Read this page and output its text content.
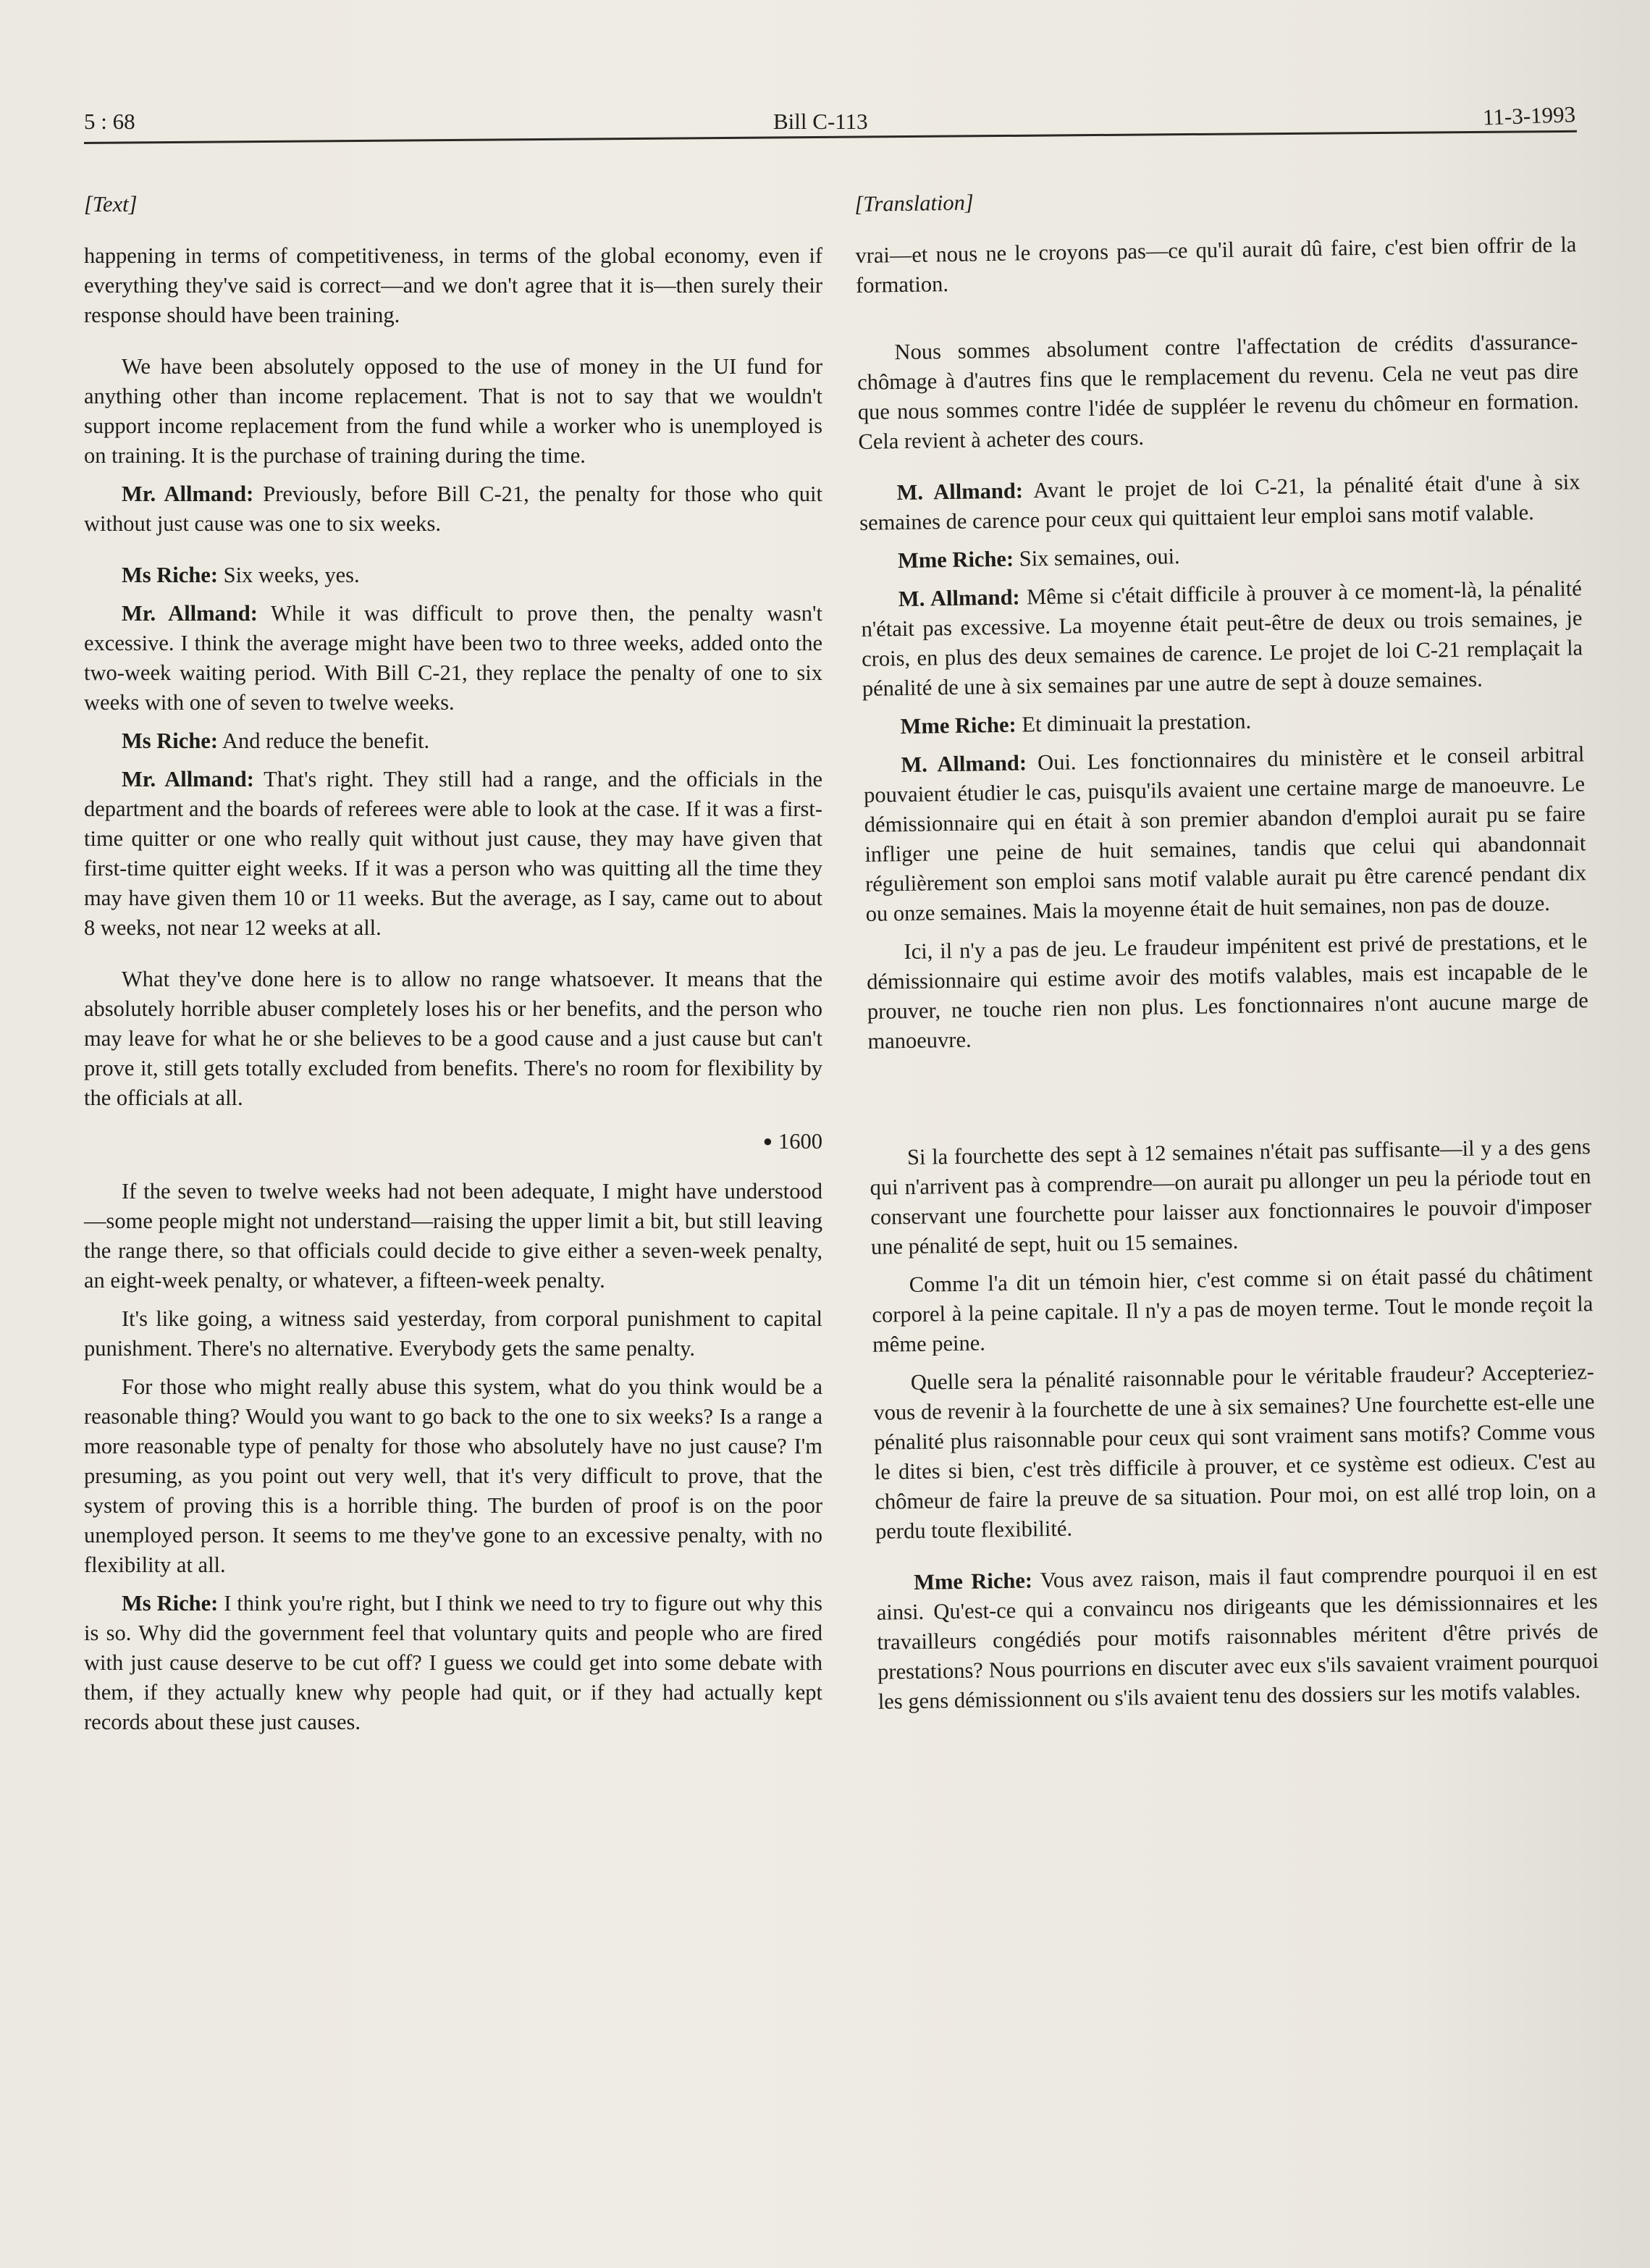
5 : 68	Bill C-113	11-3-1993
[Text]

happening in terms of competitiveness, in terms of the global economy, even if everything they've said is correct—and we don't agree that it is—then surely their response should have been training.

We have been absolutely opposed to the use of money in the UI fund for anything other than income replacement. That is not to say that we wouldn't support income replacement from the fund while a worker who is unemployed is on training. It is the purchase of training during the time.

Mr. Allmand: Previously, before Bill C-21, the penalty for those who quit without just cause was one to six weeks.

Ms Riche: Six weeks, yes.

Mr. Allmand: While it was difficult to prove then, the penalty wasn't excessive. I think the average might have been two to three weeks, added onto the two-week waiting period. With Bill C-21, they replace the penalty of one to six weeks with one of seven to twelve weeks.

Ms Riche: And reduce the benefit.

Mr. Allmand: That's right. They still had a range, and the officials in the department and the boards of referees were able to look at the case. If it was a first-time quitter or one who really quit without just cause, they may have given that first-time quitter eight weeks. If it was a person who was quitting all the time they may have given them 10 or 11 weeks. But the average, as I say, came out to about 8 weeks, not near 12 weeks at all.

What they've done here is to allow no range whatsoever. It means that the absolutely horrible abuser completely loses his or her benefits, and the person who may leave for what he or she believes to be a good cause and a just cause but can't prove it, still gets totally excluded from benefits. There's no room for flexibility by the officials at all.

● 1600

If the seven to twelve weeks had not been adequate, I might have understood—some people might not understand—raising the upper limit a bit, but still leaving the range there, so that officials could decide to give either a seven-week penalty, an eight-week penalty, or whatever, a fifteen-week penalty.

It's like going, a witness said yesterday, from corporal punishment to capital punishment. There's no alternative. Everybody gets the same penalty.

For those who might really abuse this system, what do you think would be a reasonable thing? Would you want to go back to the one to six weeks? Is a range a more reasonable type of penalty for those who absolutely have no just cause? I'm presuming, as you point out very well, that it's very difficult to prove, that the system of proving this is a horrible thing. The burden of proof is on the poor unemployed person. It seems to me they've gone to an excessive penalty, with no flexibility at all.

Ms Riche: I think you're right, but I think we need to try to figure out why this is so. Why did the government feel that voluntary quits and people who are fired with just cause deserve to be cut off? I guess we could get into some debate with them, if they actually knew why people had quit, or if they had actually kept records about these just causes.

[Translation]

vrai—et nous ne le croyons pas—ce qu'il aurait dû faire, c'est bien offrir de la formation.

Nous sommes absolument contre l'affectation de crédits d'assurance-chômage à d'autres fins que le remplacement du revenu. Cela ne veut pas dire que nous sommes contre l'idée de suppléer le revenu du chômeur en formation. Cela revient à acheter des cours.

M. Allmand: Avant le projet de loi C-21, la pénalité était d'une à six semaines de carence pour ceux qui quittaient leur emploi sans motif valable.

Mme Riche: Six semaines, oui.

M. Allmand: Même si c'était difficile à prouver à ce moment-là, la pénalité n'était pas excessive. La moyenne était peut-être de deux ou trois semaines, je crois, en plus des deux semaines de carence. Le projet de loi C-21 remplaçait la pénalité de une à six semaines par une autre de sept à douze semaines.

Mme Riche: Et diminuait la prestation.

M. Allmand: Oui. Les fonctionnaires du ministère et le conseil arbitral pouvaient étudier le cas, puisqu'ils avaient une certaine marge de manoeuvre. Le démissionnaire qui en était à son premier abandon d'emploi aurait pu se faire infliger une peine de huit semaines, tandis que celui qui abandonnait régulièrement son emploi sans motif valable aurait pu être carencé pendant dix ou onze semaines. Mais la moyenne était de huit semaines, non pas de douze.

Ici, il n'y a pas de jeu. Le fraudeur impénitent est privé de prestations, et le démissionnaire qui estime avoir des motifs valables, mais est incapable de le prouver, ne touche rien non plus. Les fonctionnaires n'ont aucune marge de manoeuvre.

Si la fourchette des sept à 12 semaines n'était pas suffisante—il y a des gens qui n'arrivent pas à comprendre—on aurait pu allonger un peu la période tout en conservant une fourchette pour laisser aux fonctionnaires le pouvoir d'imposer une pénalité de sept, huit ou 15 semaines.

Comme l'a dit un témoin hier, c'est comme si on était passé du châtiment corporel à la peine capitale. Il n'y a pas de moyen terme. Tout le monde reçoit la même peine.

Quelle sera la pénalité raisonnable pour le véritable fraudeur? Accepteriez-vous de revenir à la fourchette de une à six semaines? Une fourchette est-elle une pénalité plus raisonnable pour ceux qui sont vraiment sans motifs? Comme vous le dites si bien, c'est très difficile à prouver, et ce système est odieux. C'est au chômeur de faire la preuve de sa situation. Pour moi, on est allé trop loin, on a perdu toute flexibilité.

Mme Riche: Vous avez raison, mais il faut comprendre pourquoi il en est ainsi. Qu'est-ce qui a convaincu nos dirigeants que les démissionnaires et les travailleurs congédiés pour motifs raisonnables méritent d'être privés de prestations? Nous pourrions en discuter avec eux s'ils savaient vraiment pourquoi les gens démissionnent ou s'ils avaient tenu des dossiers sur les motifs valables.
